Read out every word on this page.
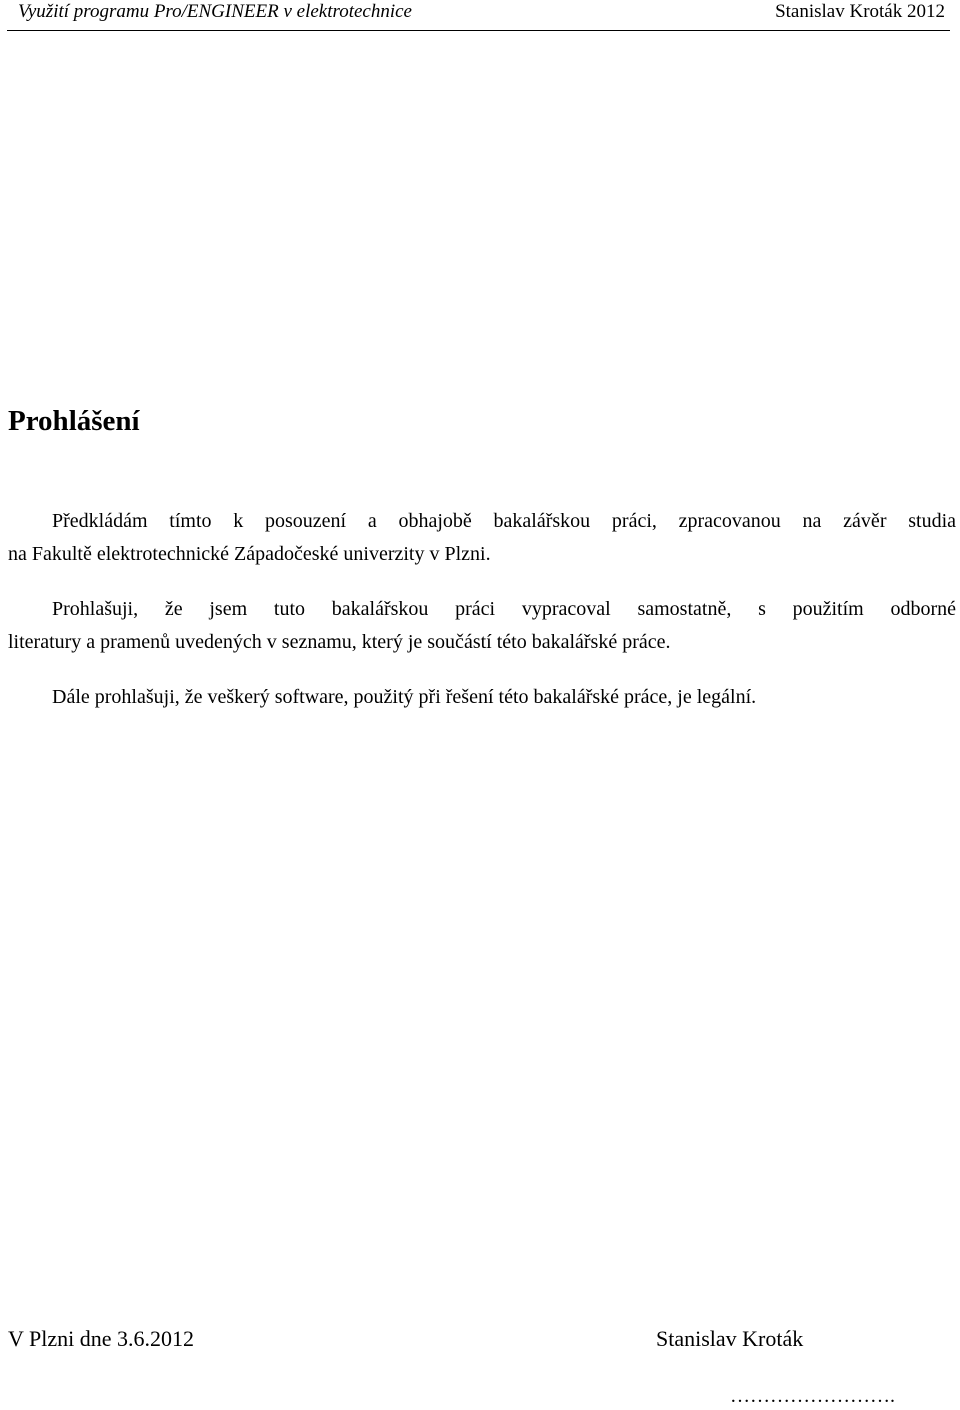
Využití programu Pro/ENGINEER v elektrotechnice	Stanislav Kroták 2012
Prohlášení
Předkládám tímto k posouzení a obhajobě bakalářskou práci, zpracovanou na závěr studia
na Fakultě elektrotechnické Západočeské univerzity v Plzni.
Prohlašuji, že jsem tuto bakalářskou práci vypracoval samostatně, s použitím odborné
literatury a pramenů uvedených v seznamu, který je součástí této bakalářské práce.
Dále prohlašuji, že veškerý software, použitý při řešení této bakalářské práce, je legální.
V Plzni dne 3.6.2012	Stanislav Kroták
…………………….
